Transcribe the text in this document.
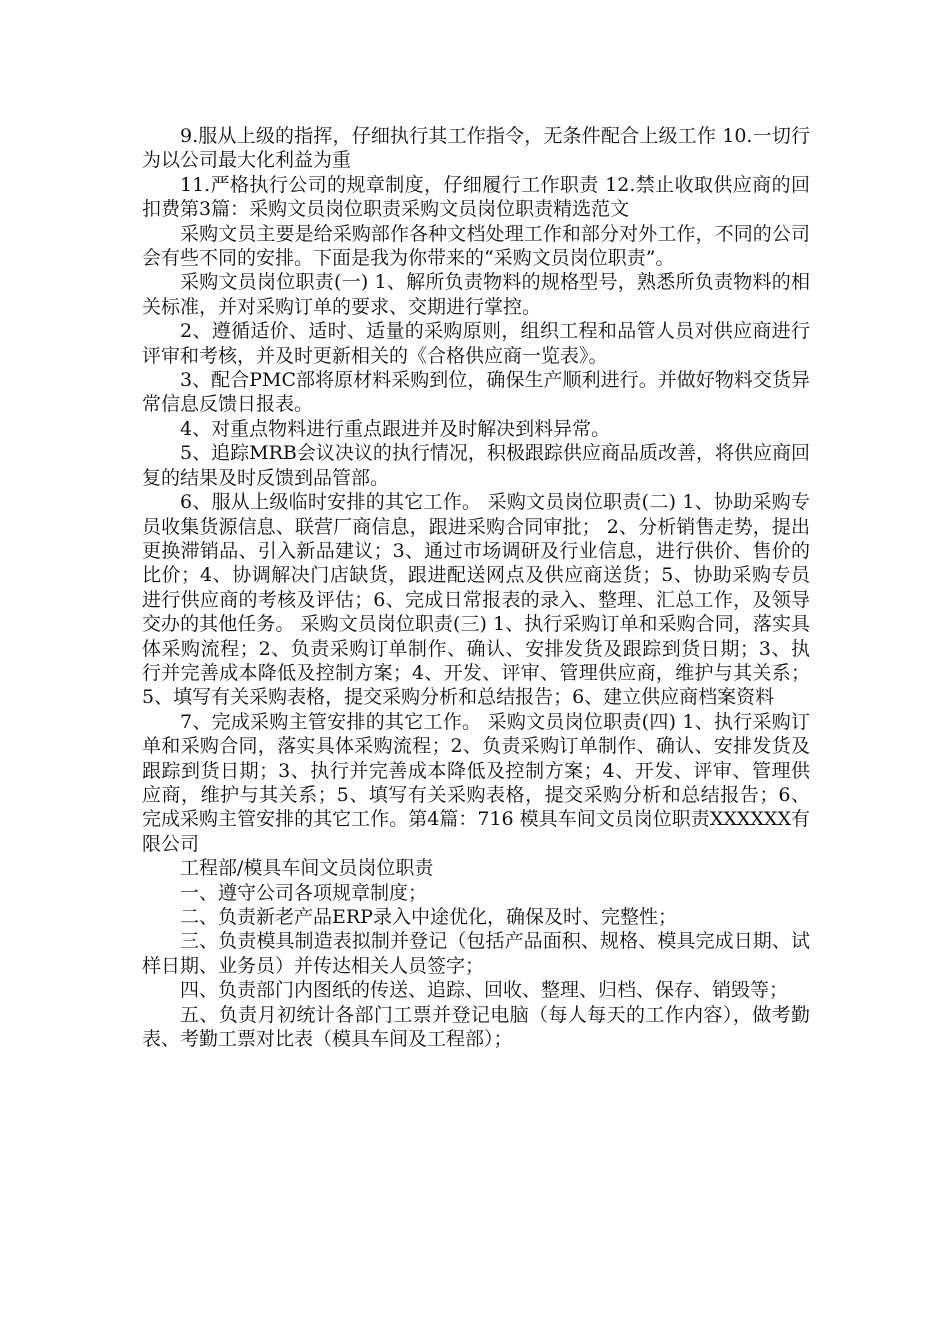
9.服从上级的指挥，仔细执行其工作指令，无条件配合上级工作 10.一切行为以公司最大化利益为重

11.严格执行公司的规章制度，仔细履行工作职责 12.禁止收取供应商的回扣费第3篇：采购文员岗位职责采购文员岗位职责精选范文

采购文员主要是给采购部作各种文档处理工作和部分对外工作，不同的公司会有些不同的安排。下面是我为你带来的“采购文员岗位职责”。

采购文员岗位职责(一) 1、解所负责物料的规格型号，熟悉所负责物料的相关标准，并对采购订单的要求、交期进行掌控。

2、遵循适价、适时、适量的采购原则，组织工程和品管人员对供应商进行评审和考核，并及时更新相关的《合格供应商一览表》。

3、配合PMC部将原材料采购到位，确保生产顺利进行。并做好物料交货异常信息反馈日报表。

4、对重点物料进行重点跟进并及时解决到料异常。

5、追踪MRB会议决议的执行情况，积极跟踪供应商品质改善，将供应商回复的结果及时反馈到品管部。

6、服从上级临时安排的其它工作。 采购文员岗位职责(二) 1、协助采购专员收集货源信息、联营厂商信息，跟进采购合同审批； 2、分析销售走势，提出更换滞销品、引入新品建议；3、通过市场调研及行业信息，进行供价、售价的比价；4、协调解决门店缺货，跟进配送网点及供应商送货；5、协助采购专员进行供应商的考核及评估；6、完成日常报表的录入、整理、汇总工作，及领导交办的其他任务。 采购文员岗位职责(三) 1、执行采购订单和采购合同，落实具体采购流程；2、负责采购订单制作、确认、安排发货及跟踪到货日期；3、执行并完善成本降低及控制方案；4、开发、评审、管理供应商，维护与其关系；5、填写有关采购表格，提交采购分析和总结报告；6、建立供应商档案资料

7、完成采购主管安排的其它工作。 采购文员岗位职责(四) 1、执行采购订单和采购合同，落实具体采购流程；2、负责采购订单制作、确认、安排发货及跟踪到货日期；3、执行并完善成本降低及控制方案；4、开发、评审、管理供应商，维护与其关系；5、填写有关采购表格，提交采购分析和总结报告；6、完成采购主管安排的其它工作。第4篇：716 模具车间文员岗位职责XXXXXX有限公司

工程部/模具车间文员岗位职责

一、遵守公司各项规章制度；

二、负责新老产品ERP录入中途优化，确保及时、完整性；

三、负责模具制造表拟制并登记（包括产品面积、规格、模具完成日期、试样日期、业务员）并传达相关人员签字；

四、负责部门内图纸的传送、追踪、回收、整理、归档、保存、销毁等；

五、负责月初统计各部门工票并登记电脑（每人每天的工作内容），做考勤表、考勤工票对比表（模具车间及工程部）；
